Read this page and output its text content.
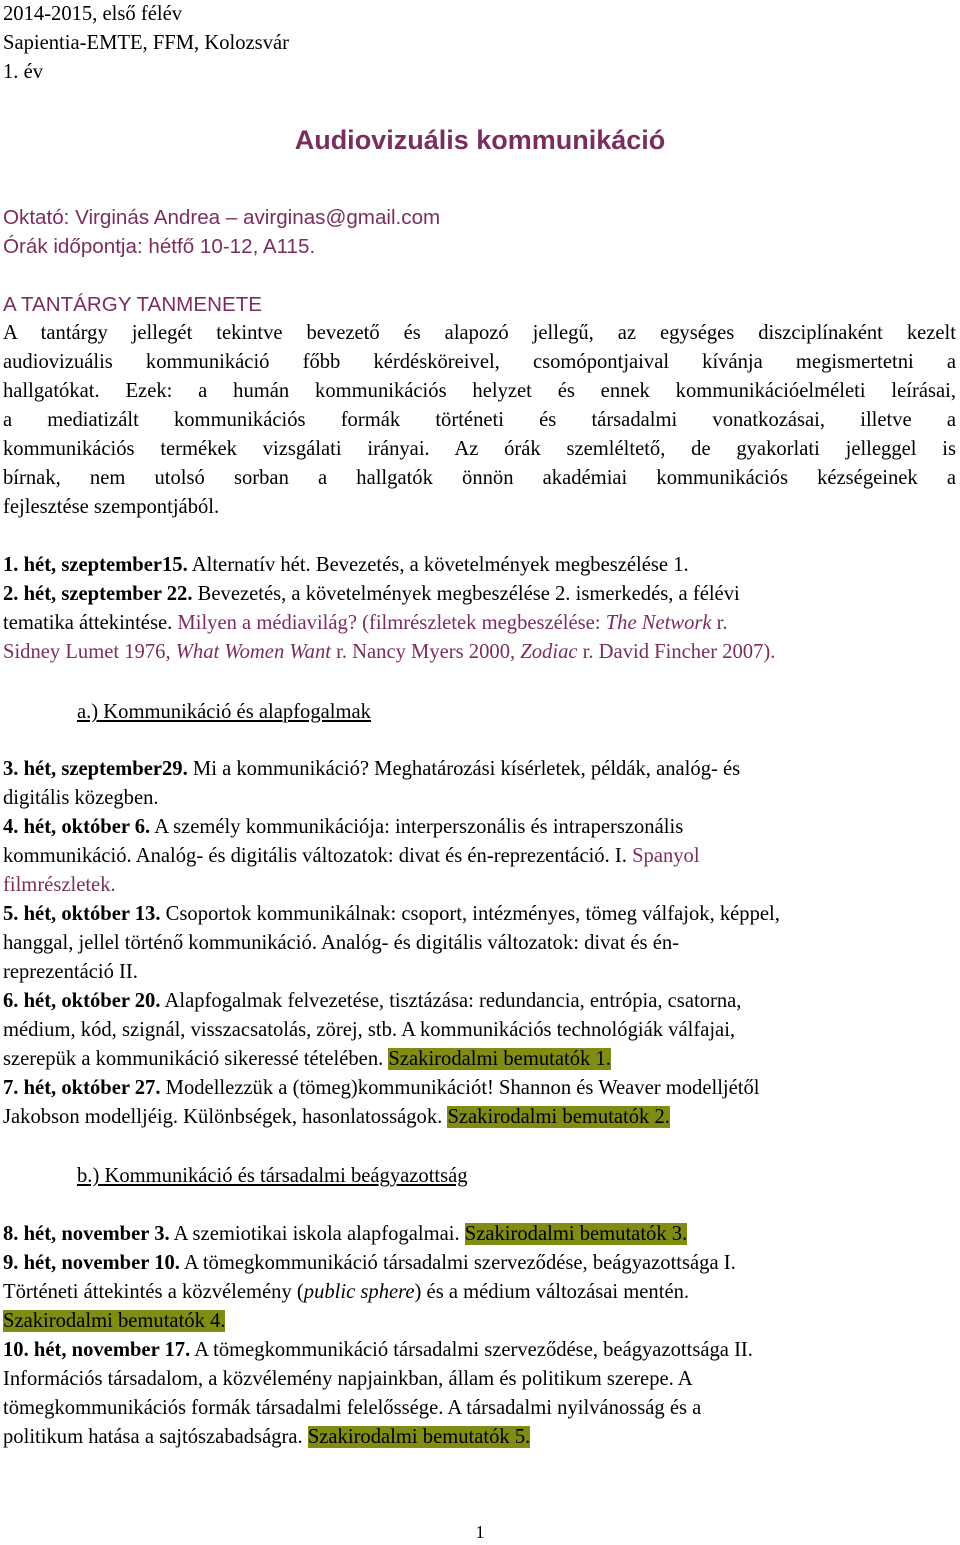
2014-2015, első félév

Sapientia-EMTE, FFM, Kolozsvár

1. év

Audiovizuális kommunikáció

Oktató: Virginás Andrea – avirginas@gmail.com

Órák időpontja: hétfő 10-12, A115.

A TANTÁRGY TANMENETE

A tantárgy jellegét tekintve bevezető és alapozó jellegű, az egységes diszciplínaként kezelt

audiovizuális kommunikáció főbb kérdésköreivel, csomópontjaival kívánja megismertetni a

hallgatókat. Ezek: a humán kommunikációs helyzet és ennek kommunikációelméleti leírásai,

a mediatizált kommunikációs formák történeti és társadalmi vonatkozásai, illetve a

kommunikációs termékek vizsgálati irányai. Az órák szemléltető, de gyakorlati jelleggel is

bírnak, nem utolsó sorban a hallgatók önnön akadémiai kommunikációs kézségeinek a

fejlesztése szempontjából.

1. hét, szeptember15. Alternatív hét. Bevezetés, a követelmények megbeszélése 1.

2. hét, szeptember 22. Bevezetés, a követelmények megbeszélése 2. ismerkedés, a félévi

tematika áttekintése. Milyen a médiavilág? (filmrészletek megbeszélése: The Network r.

Sidney Lumet 1976, What Women Want r. Nancy Myers 2000, Zodiac r. David Fincher 2007).

a.) Kommunikáció és alapfogalmak

3. hét, szeptember29. Mi a kommunikáció? Meghatározási kísérletek, példák, analóg- és

digitális közegben.

4. hét, október 6. A személy kommunikációja: interperszonális és intraperszonális

kommunikáció. Analóg- és digitális változatok: divat és én-reprezentáció. I. Spanyol

filmrészletek.

5. hét, október 13. Csoportok kommunikálnak: csoport, intézményes, tömeg válfajok, képpel,

hanggal, jellel történő kommunikáció. Analóg- és digitális változatok: divat és én-

reprezentáció II.

6. hét, október 20. Alapfogalmak felvezetése, tisztázása: redundancia, entrópia, csatorna,

médium, kód, szignál, visszacsatolás, zörej, stb. A kommunikációs technológiák válfajai,

szerepük a kommunikáció sikeressé tételében. Szakirodalmi bemutatók 1.

7. hét, október 27. Modellezzük a (tömeg)kommunikációt! Shannon és Weaver modelljétől

Jakobson modelljéig. Különbségek, hasonlatosságok. Szakirodalmi bemutatók 2.

b.) Kommunikáció és társadalmi beágyazottság

8. hét, november 3. A szemiotikai iskola alapfogalmai. Szakirodalmi bemutatók 3.

9. hét, november 10. A tömegkommunikáció társadalmi szerveződése, beágyazottsága I.

Történeti áttekintés a közvélemény (public sphere) és a médium változásai mentén.

Szakirodalmi bemutatók 4.

10. hét, november 17. A tömegkommunikáció társadalmi szerveződése, beágyazottsága II.

Információs társadalom, a közvélemény napjainkban, állam és politikum szerepe. A

tömegkommunikációs formák társadalmi felelőssége. A társadalmi nyilvánosság és a

politikum hatása a sajtószabadságra. Szakirodalmi bemutatók 5.

1
